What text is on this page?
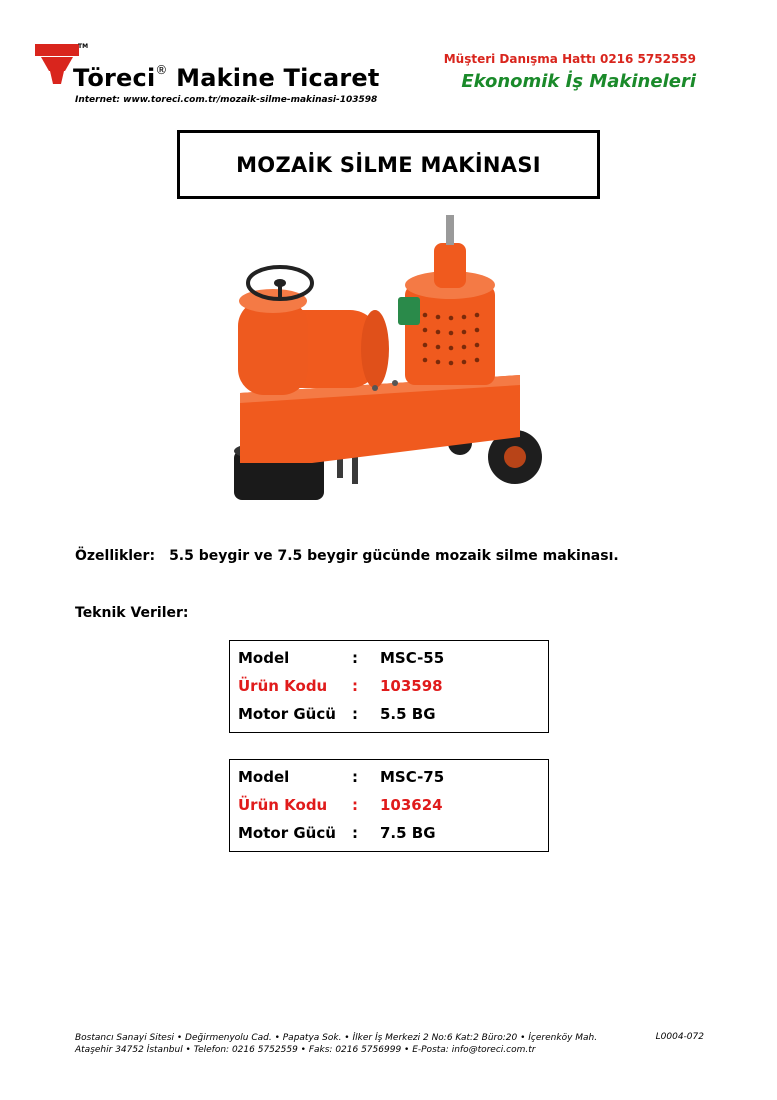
TM
Töreci® Makine Ticaret
Internet: www.toreci.com.tr/mozaik-silme-makinasi-103598
Müşteri Danışma Hattı 0216 5752559
Ekonomik İş Makineleri
MOZAİK SİLME MAKİNASI
Özellikler: 5.5 beygir ve 7.5 beygir gücünde mozaik silme makinası.
Teknik Veriler:
Model	:	MSC-55
Ürün Kodu	:	103598
Motor Gücü	:	5.5 BG
Model	:	MSC-75
Ürün Kodu	:	103624
Motor Gücü	:	7.5 BG
Bostancı Sanayi Sitesi • Değirmenyolu Cad. • Papatya Sok. • İlker İş Merkezi 2 No:6 Kat:2 Büro:20 • İçerenköy Mah.
Ataşehir 34752 İstanbul • Telefon: 0216 5752559 • Faks: 0216 5756999 • E-Posta: info@toreci.com.tr
L0004-072
